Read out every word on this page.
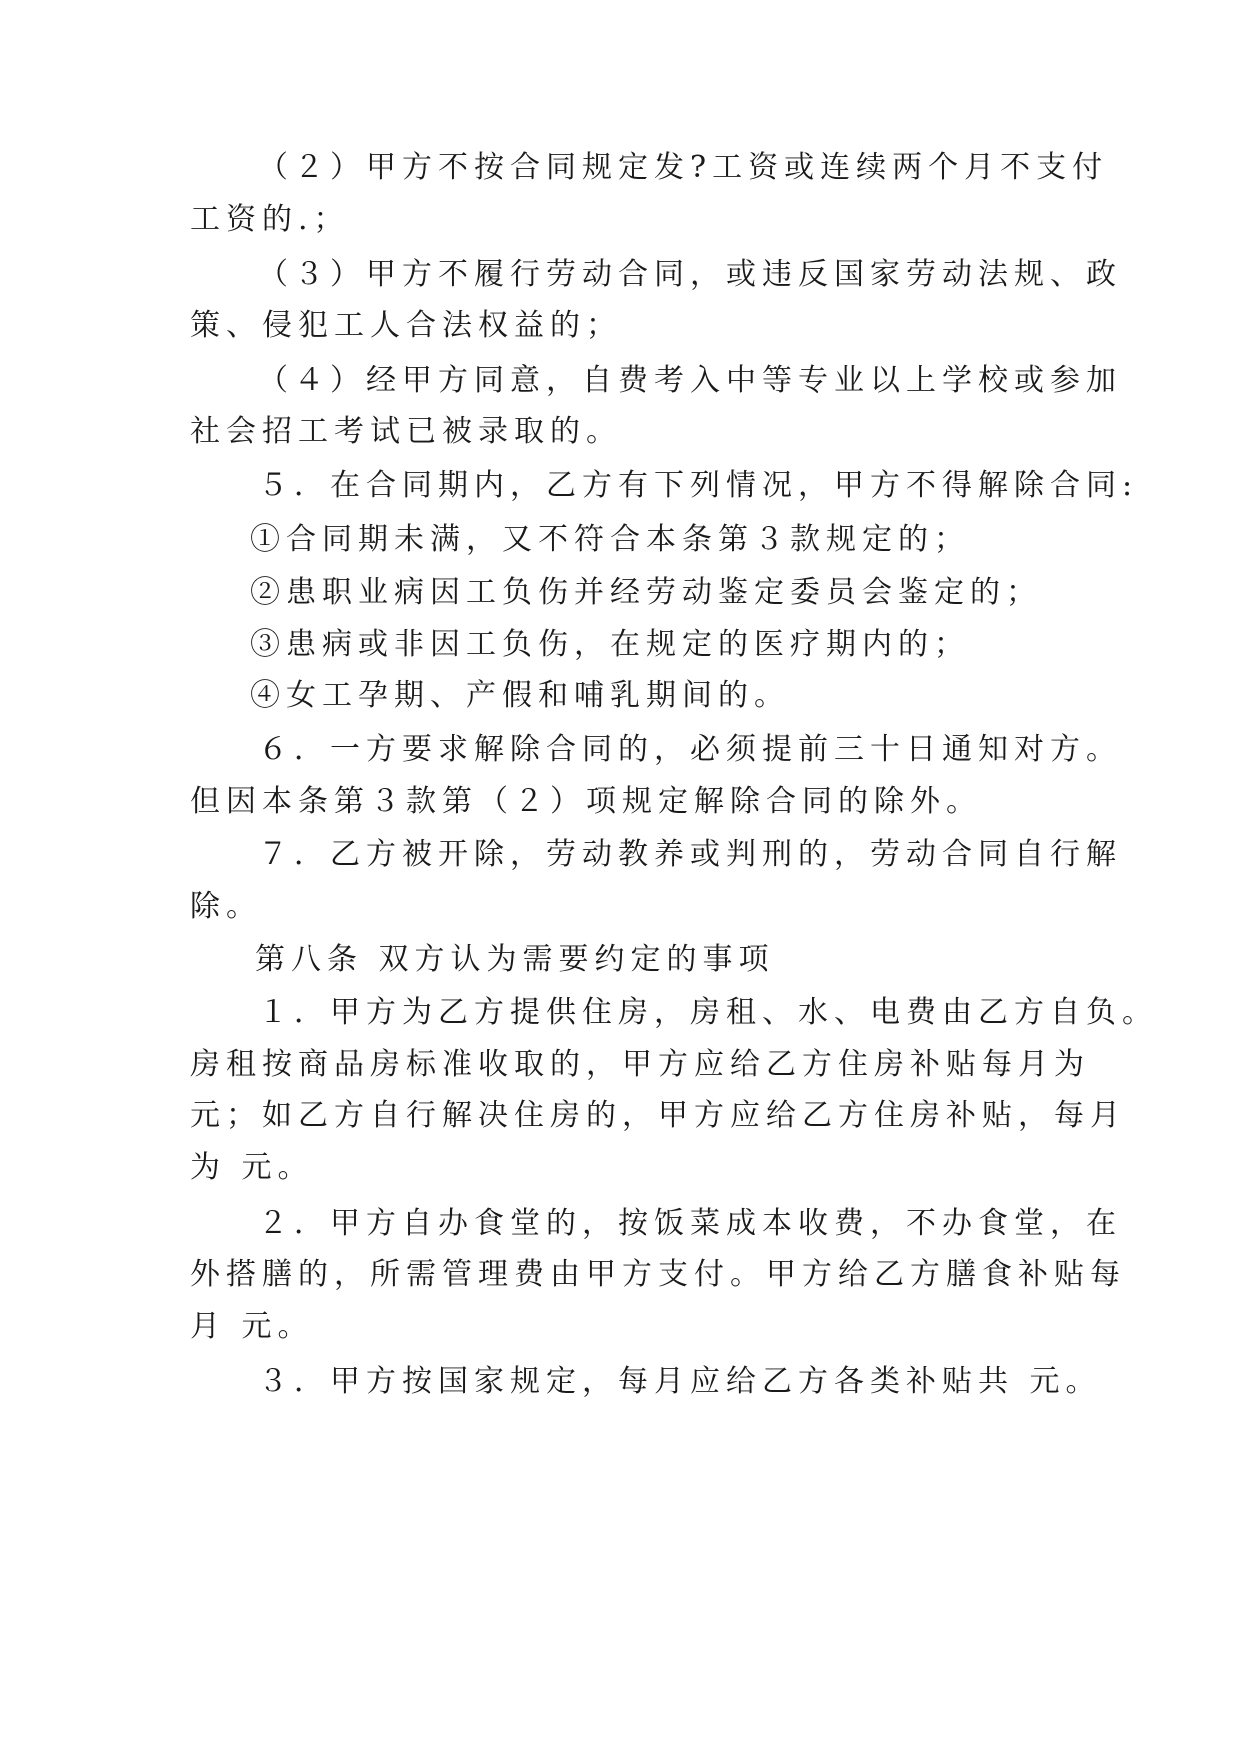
（２）甲方不按合同规定发?工资或连续两个月不支付
工资的.；
（３）甲方不履行劳动合同，或违反国家劳动法规、政
策、侵犯工人合法权益的；
（４）经甲方同意，自费考入中等专业以上学校或参加
社会招工考试已被录取的。
５．在合同期内，乙方有下列情况，甲方不得解除合同:
①合同期未满，又不符合本条第３款规定的；
②患职业病因工负伤并经劳动鉴定委员会鉴定的；
③患病或非因工负伤，在规定的医疗期内的；
④女工孕期、产假和哺乳期间的。
６．一方要求解除合同的，必须提前三十日通知对方。
但因本条第３款第（２）项规定解除合同的除外。
７．乙方被开除，劳动教养或判刑的，劳动合同自行解
除。
第八条 双方认为需要约定的事项
１．甲方为乙方提供住房，房租、水、电费由乙方自负。
房租按商品房标准收取的，甲方应给乙方住房补贴每月为
元；如乙方自行解决住房的，甲方应给乙方住房补贴，每月
为 元。
２．甲方自办食堂的，按饭菜成本收费，不办食堂，在
外搭膳的，所需管理费由甲方支付。甲方给乙方膳食补贴每
月 元。
３．甲方按国家规定，每月应给乙方各类补贴共 元。
